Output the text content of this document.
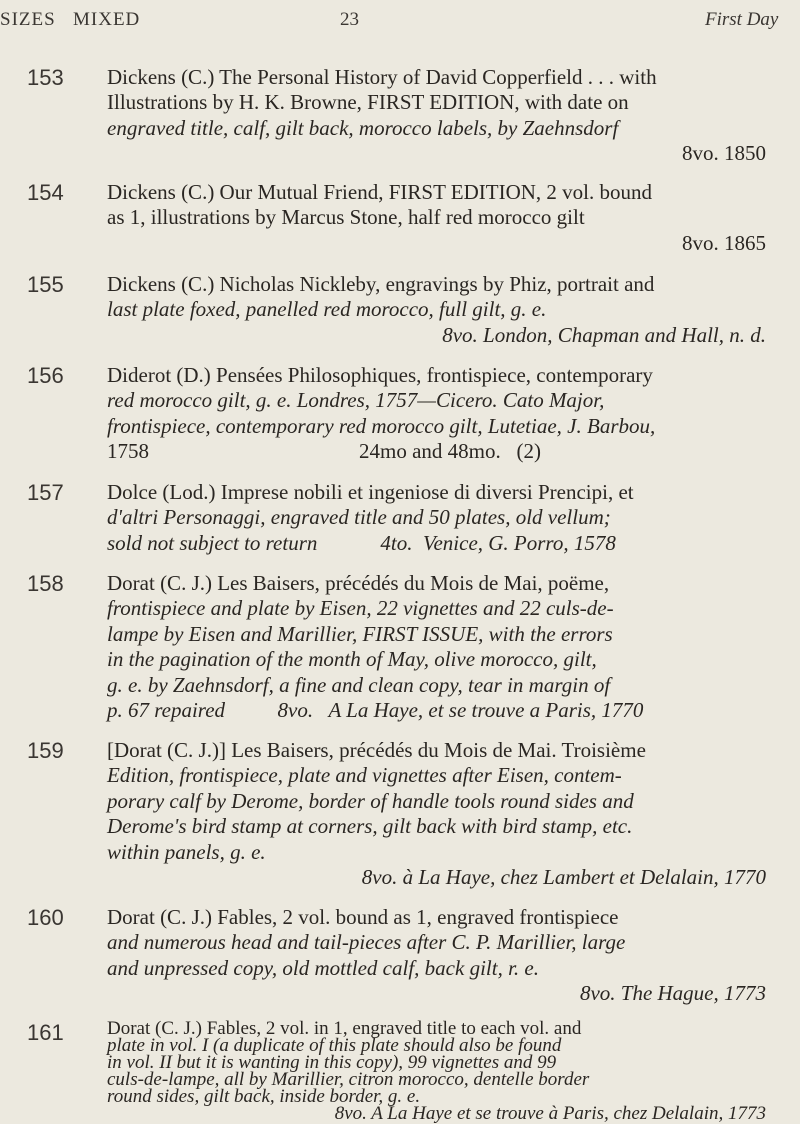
SIZES MIXED	23	First Day
153 Dickens (C.) The Personal History of David Copperfield . . . with
Illustrations by H. K. Browne, FIRST EDITION, with date on
engraved title, calf, gilt back, morocco labels, by Zaehnsdorf
8vo. 1850
154 Dickens (C.) Our Mutual Friend, FIRST EDITION, 2 vol. bound
as 1, illustrations by Marcus Stone, half red morocco gilt
8vo. 1865
155 Dickens (C.) Nicholas Nickleby, engravings by Phiz, portrait and
last plate foxed, panelled red morocco, full gilt, g. e.
8vo. London, Chapman and Hall, n. d.
156 Diderot (D.) Pensées Philosophiques, frontispiece, contemporary
red morocco gilt, g. e. Londres, 1757—Cicero. Cato Major,
frontispiece, contemporary red morocco gilt, Lutetiae, J. Barbou,
1758                                        24mo and 48mo.   (2)
157 Dolce (Lod.) Imprese nobili et ingeniose di diversi Prencipi, et
d'altri Personaggi, engraved title and 50 plates, old vellum;
sold not subject to return            4to.  Venice, G. Porro, 1578
158 Dorat (C. J.) Les Baisers, précédés du Mois de Mai, poëme,
frontispiece and plate by Eisen, 22 vignettes and 22 culs-de-
lampe by Eisen and Marillier, FIRST ISSUE, with the errors
in the pagination of the month of May, olive morocco, gilt,
g. e. by Zaehnsdorf, a fine and clean copy, tear in margin of
p. 67 repaired          8vo.   A La Haye, et se trouve a Paris, 1770
159 [Dorat (C. J.)] Les Baisers, précédés du Mois de Mai. Troisième
Edition, frontispiece, plate and vignettes after Eisen, contem-
porary calf by Derome, border of handle tools round sides and
Derome's bird stamp at corners, gilt back with bird stamp, etc.
within panels, g. e.
8vo. à La Haye, chez Lambert et Delalain, 1770
160 Dorat (C. J.) Fables, 2 vol. bound as 1, engraved frontispiece
and numerous head and tail-pieces after C. P. Marillier, large
and unpressed copy, old mottled calf, back gilt, r. e.
8vo. The Hague, 1773
161 Dorat (C. J.) Fables, 2 vol. in 1, engraved title to each vol. and
plate in vol. I (a duplicate of this plate should also be found
in vol. II but it is wanting in this copy), 99 vignettes and 99
culs-de-lampe, all by Marillier, citron morocco, dentelle border
round sides, gilt back, inside border, g. e.
8vo. A La Haye et se trouve à Paris, chez Delalain, 1773
